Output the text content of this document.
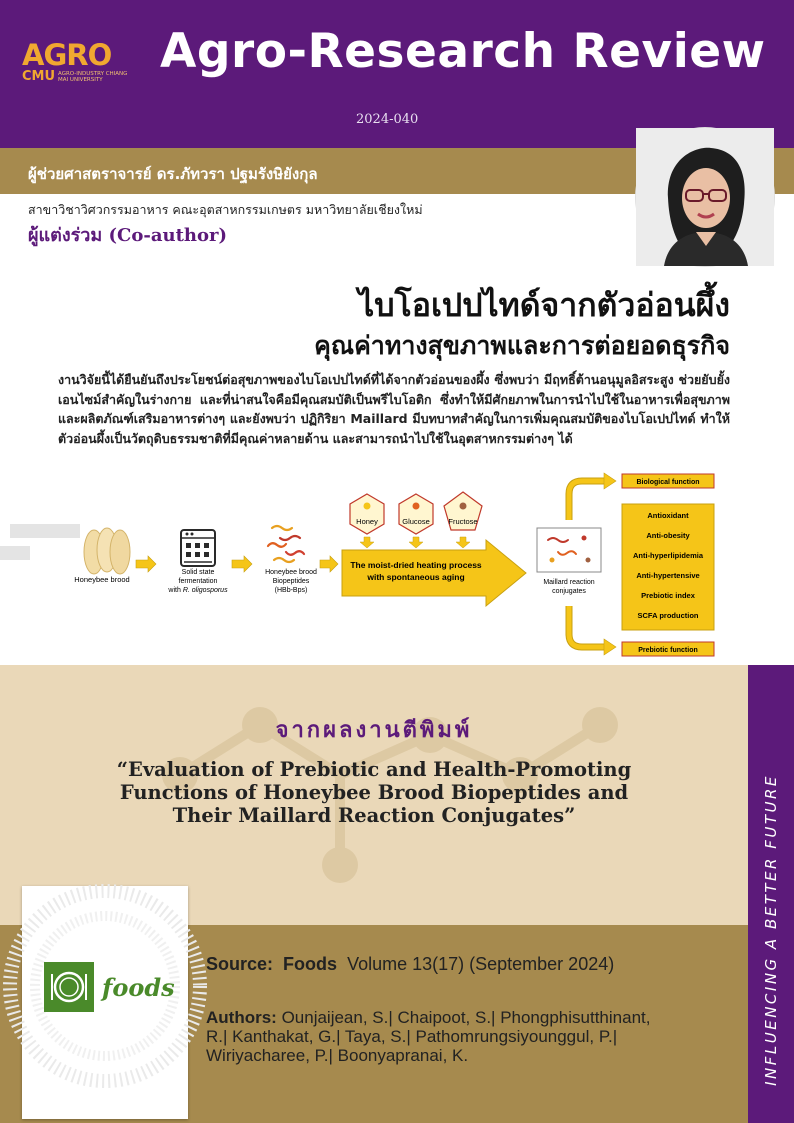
AGRO
CMU AGRO-INDUSTRY CHIANG MAI UNIVERSITY
Agro-Research Review
2024-040
ผู้ช่วยศาสตราจารย์ ดร.ภัทวรา ปฐมรังษิยังกุล
สาขาวิชาวิศวกรรมอาหาร คณะอุตสาหกรรมเกษตร มหาวิทยาลัยเชียงใหม่
ผู้แต่งร่วม (Co-author)
ไบโอเปปไทด์จากตัวอ่อนผึ้ง
คุณค่าทางสุขภาพและการต่อยอดธุรกิจ
งานวิจัยนี้ได้ยืนยันถึงประโยชน์ต่อสุขภาพของไบโอเปปไทด์ที่ได้จากตัวอ่อนของผึ้ง ซึ่งพบว่า มีฤทธิ์ต้านอนุมูลอิสระสูง ช่วยยับยั้งเอนไซม์สำคัญในร่างกาย และที่น่าสนใจคือมีคุณสมบัติเป็นพรีไบโอติก ซึ่งทำให้มีศักยภาพในการนำไปใช้ในอาหารเพื่อสุขภาพและผลิตภัณฑ์เสริมอาหารต่างๆ และยังพบว่า ปฏิกิริยา Maillard มีบทบาทสำคัญในการเพิ่มคุณสมบัติของไบโอเปปไทด์ ทำให้ตัวอ่อนผึ้งเป็นวัตถุดิบธรรมชาติที่มีคุณค่าหลายด้าน และสามารถนำไปใช้ในอุตสาหกรรมต่างๆ ได้
Honeybee brood
Solid state
fermentation
with R. oligosporus
Honeybee brood
Biopeptides
(HBb-Bps)
Honey	Glucose Fructose
The moist-dried heating process
with spontaneous aging
Maillard reaction
conjugates
Biological function
Antioxidant
Anti-obesity
Anti-hyperlipidemia
Anti-hypertensive
Prebiotic index
SCFA production
Prebiotic function
จากผลงานตีพิมพ์
“Evaluation of Prebiotic and Health-Promoting
Functions of Honeybee Brood Biopeptides and
Their Maillard Reaction Conjugates”
Source: Foods Volume 13(17) (September 2024)
Authors: Ounjaijean, S.| Chaipoot, S.| Phongphisutthinant, R.| Kanthakat, G.| Taya, S.| Pathomrungsiyounggul, P.| Wiriyacharee, P.| Boonyapranai, K.
foods	INFLUENCING A BETTER FUTURE
